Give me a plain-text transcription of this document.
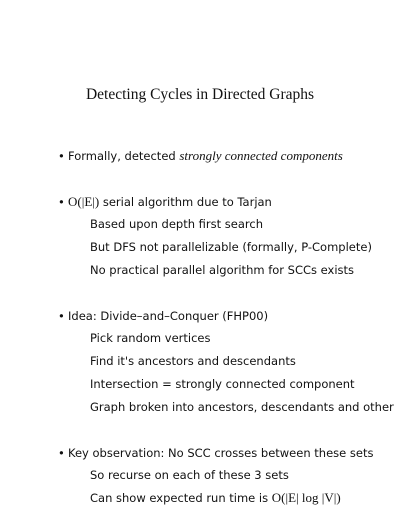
Detecting Cycles in Directed Graphs
• Formally, detected strongly connected components
• O(|E|) serial algorithm due to Tarjan
Based upon depth first search
But DFS not parallelizable (formally, P-Complete)
No practical parallel algorithm for SCCs exists
• Idea: Divide–and–Conquer (FHP00)
Pick random vertices
Find it's ancestors and descendants
Intersection = strongly connected component
Graph broken into ancestors, descendants and other
• Key observation: No SCC crosses between these sets
So recurse on each of these 3 sets
Can show expected run time is O(|E| log |V|)
